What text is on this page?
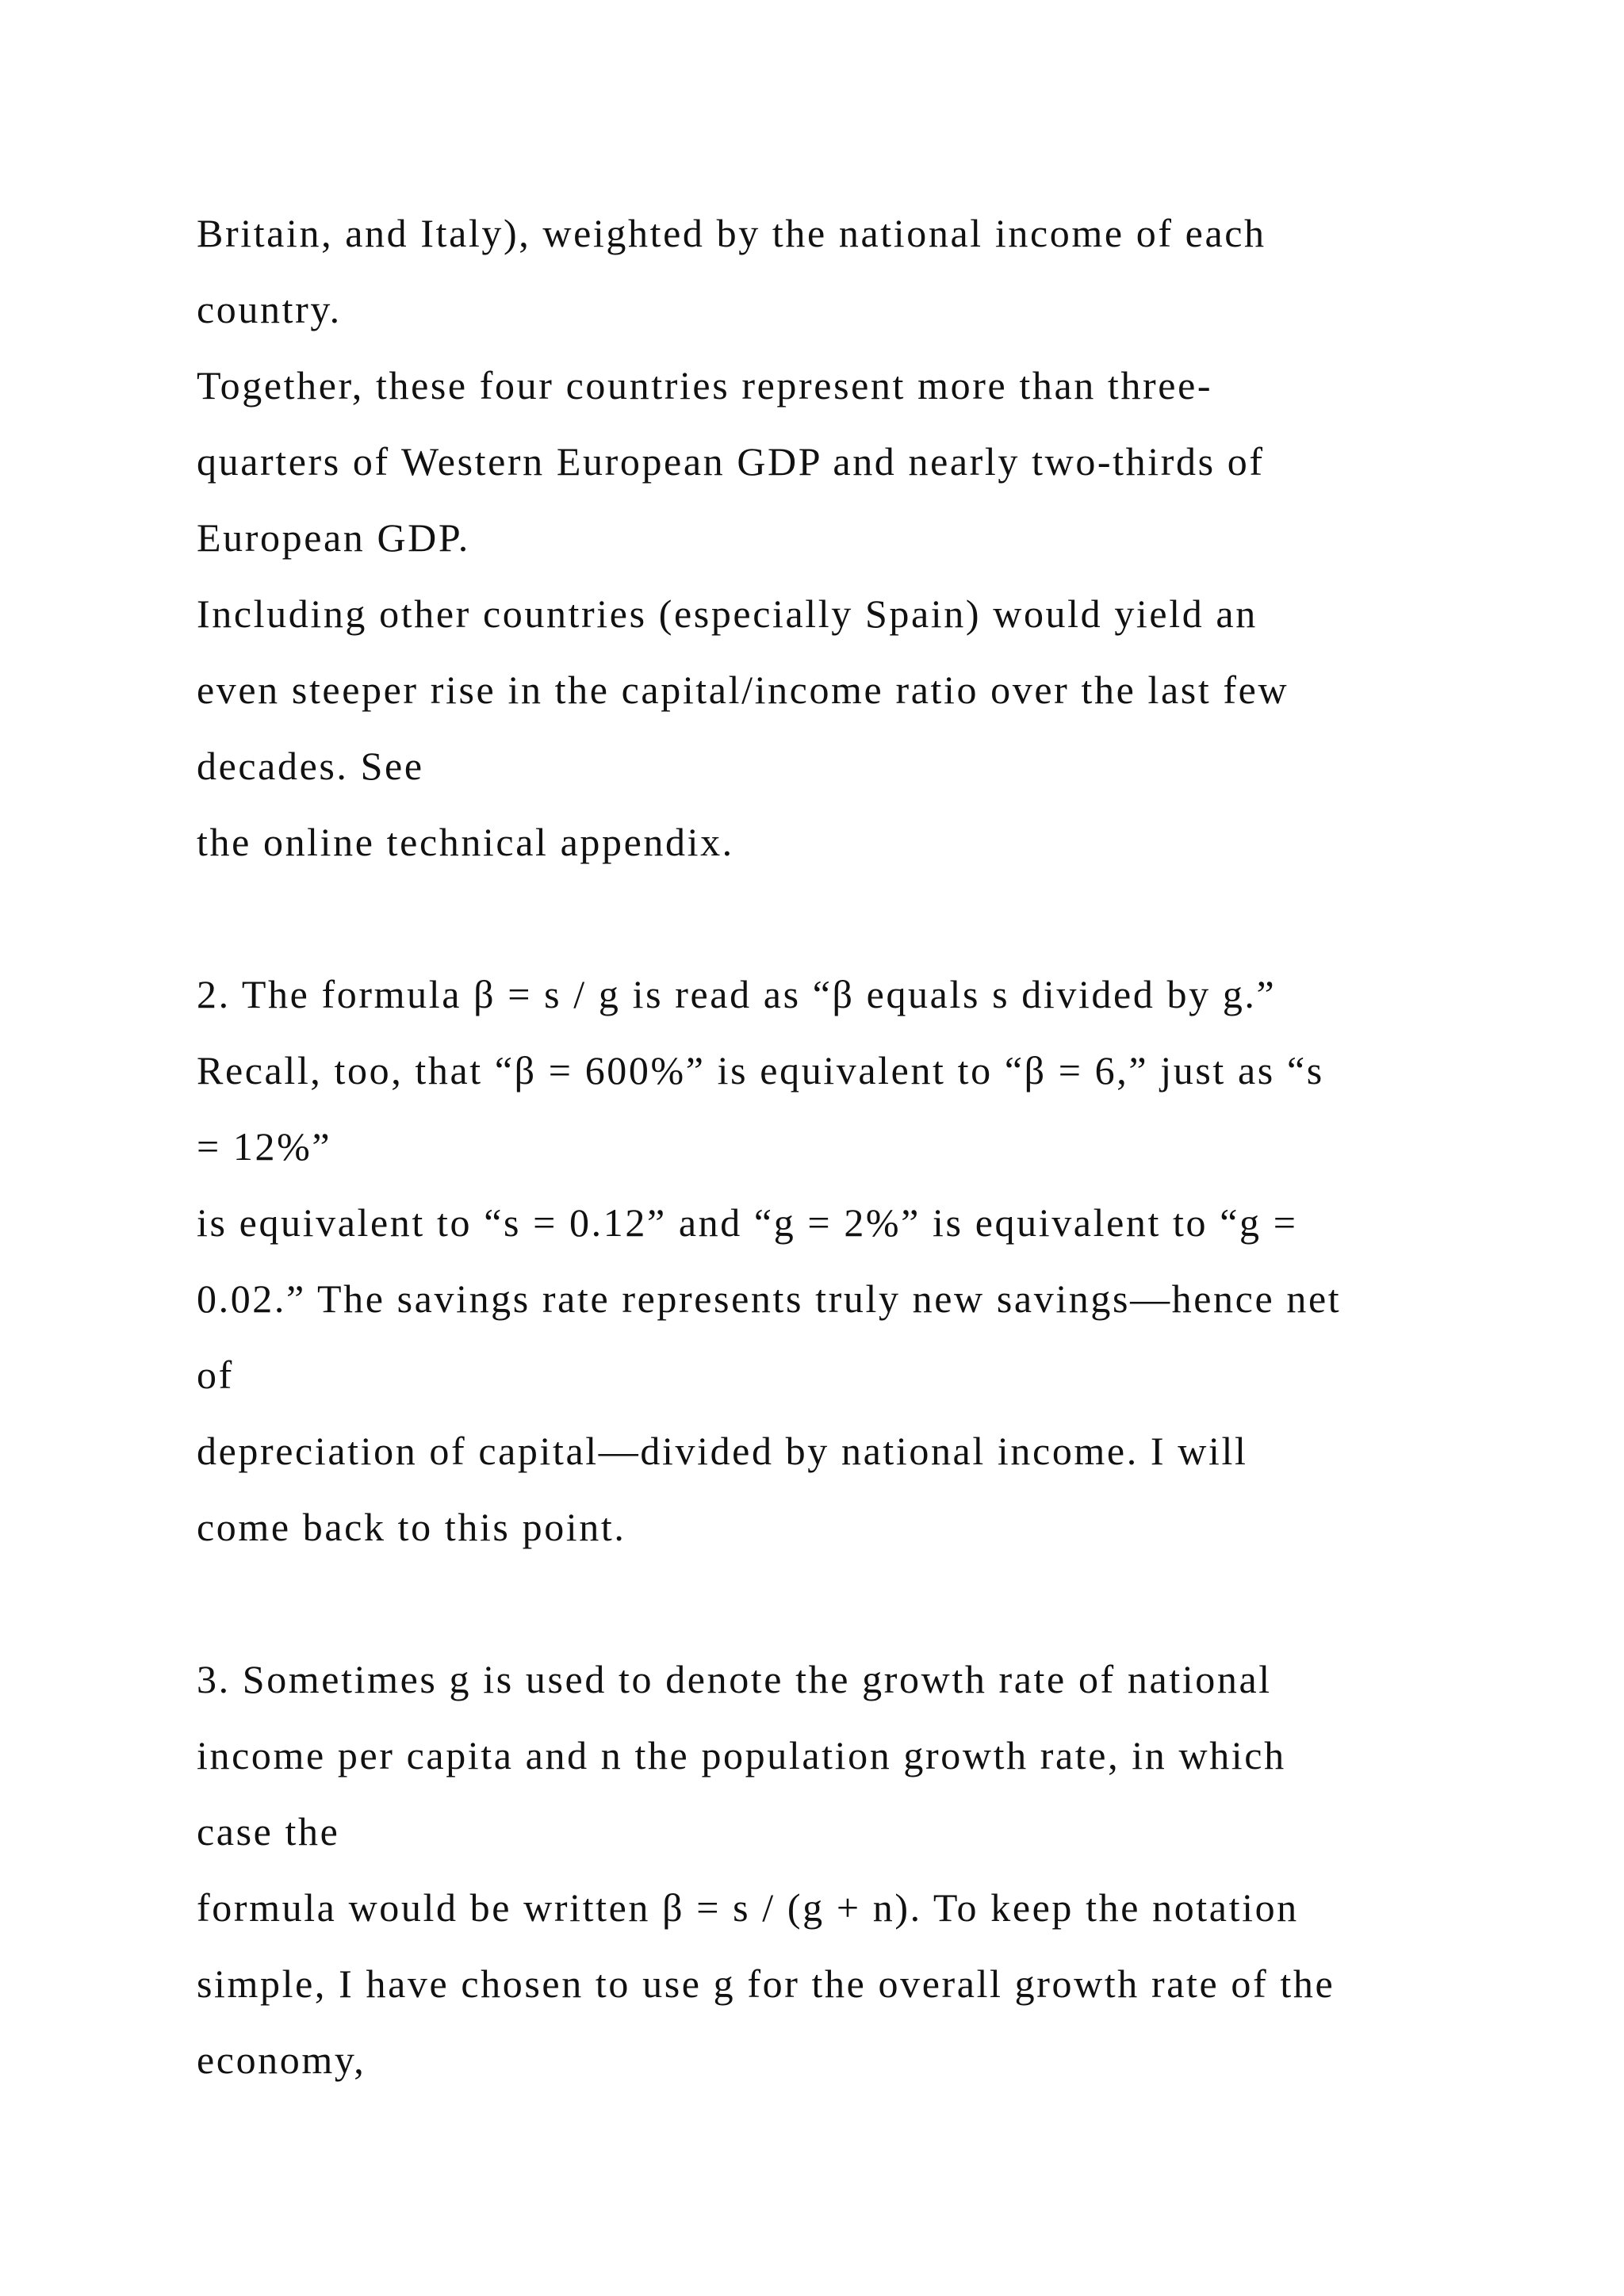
Britain, and Italy), weighted by the national income of each
country.
Together, these four countries represent more than three-
quarters of Western European GDP and nearly two-thirds of
European GDP.
Including other countries (especially Spain) would yield an
even steeper rise in the capital/income ratio over the last few
decades. See
the online technical appendix.
2. The formula β = s / g is read as “β equals s divided by g.”
Recall, too, that “β = 600%” is equivalent to “β = 6,” just as “s
= 12%”
is equivalent to “s = 0.12” and “g = 2%” is equivalent to “g =
0.02.” The savings rate represents truly new savings—hence net
of
depreciation of capital—divided by national income. I will
come back to this point.
3. Sometimes g is used to denote the growth rate of national
income per capita and n the population growth rate, in which
case the
formula would be written β = s / (g + n). To keep the notation
simple, I have chosen to use g for the overall growth rate of the
economy,
